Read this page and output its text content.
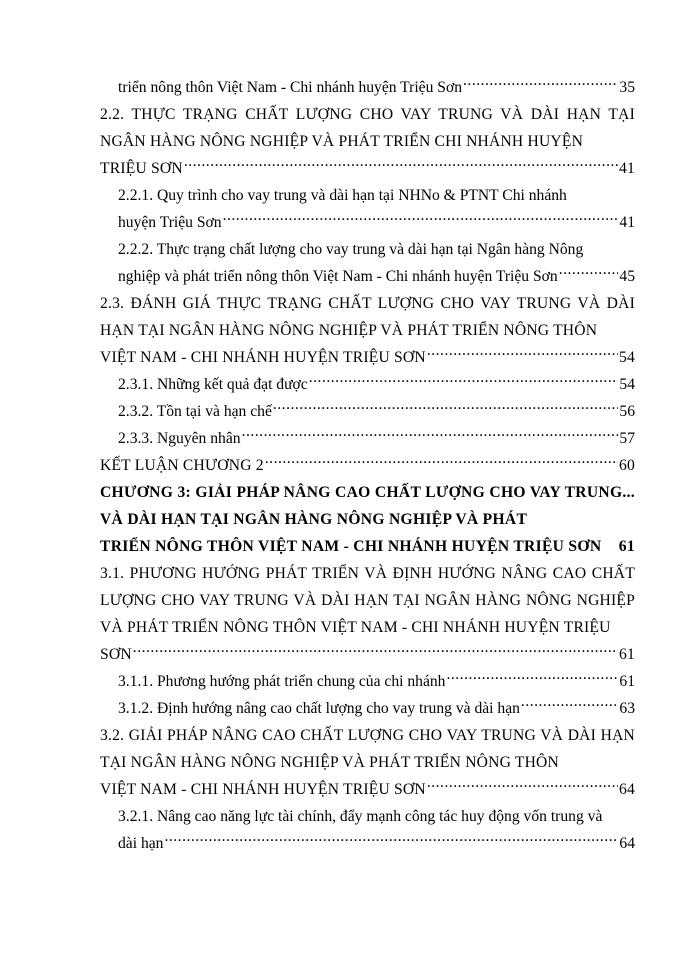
triển nông thôn Việt Nam - Chi nhánh huyện Triệu Sơn .....	35
2.2. THỰC TRẠNG CHẤT LƯỢNG CHO VAY TRUNG VÀ DÀI HẠN TẠI NGÂN HÀNG NÔNG NGHIỆP VÀ PHÁT TRIỂN CHI NHÁNH HUYỆN
TRIỆU SƠN .....	41
2.2.1. Quy trình cho vay trung và dài hạn tại NHNo & PTNT Chi nhánh
huyện Triệu Sơn .....	41
2.2.2. Thực trạng chất lượng cho vay trung và dài hạn tại Ngân hàng Nông
nghiệp và phát triển nông thôn Việt Nam - Chi nhánh huyện Triệu Sơn .....	45
2.3. ĐÁNH GIÁ THỰC TRẠNG CHẤT LƯỢNG CHO VAY TRUNG VÀ DÀI HẠN TẠI NGÂN HÀNG NÔNG NGHIỆP VÀ PHÁT TRIỂN NÔNG THÔN
VIỆT NAM - CHI NHÁNH HUYỆN TRIỆU SƠN .....	54
2.3.1. Những kết quả đạt được .....	54
2.3.2. Tồn tại và hạn chế .....	56
2.3.3. Nguyên nhân .....	57
KẾT LUẬN CHƯƠNG 2 .....	60
CHƯƠNG 3: GIẢI PHÁP NÂNG CAO CHẤT LƯỢNG CHO VAY TRUNG... VÀ DÀI HẠN TẠI NGÂN HÀNG NÔNG NGHIỆP VÀ PHÁT
TRIỂN NÔNG THÔN VIỆT NAM - CHI NHÁNH HUYỆN TRIỆU SƠN 61
3.1. PHƯƠNG HƯỚNG PHÁT TRIỂN VÀ ĐỊNH HƯỚNG NÂNG CAO CHẤT LƯỢNG CHO VAY TRUNG VÀ DÀI HẠN TẠI NGÂN HÀNG NÔNG NGHIỆP VÀ PHÁT TRIỂN NÔNG THÔN VIỆT NAM - CHI NHÁNH HUYỆN TRIỆU
SƠN .....	61
3.1.1. Phương hướng phát triển chung của chi nhánh .....	61
3.1.2. Định hướng nâng cao chất lượng cho vay trung và dài hạn .....	63
3.2. GIẢI PHÁP NÂNG CAO CHẤT LƯỢNG CHO VAY TRUNG VÀ DÀI HẠN TẠI NGÂN HÀNG NÔNG NGHIỆP VÀ PHÁT TRIỂN NÔNG THÔN
VIỆT NAM - CHI NHÁNH HUYỆN TRIỆU SƠN .....	64
3.2.1. Nâng cao năng lực tài chính, đẩy mạnh công tác huy động vốn trung và
dài hạn .....	64
